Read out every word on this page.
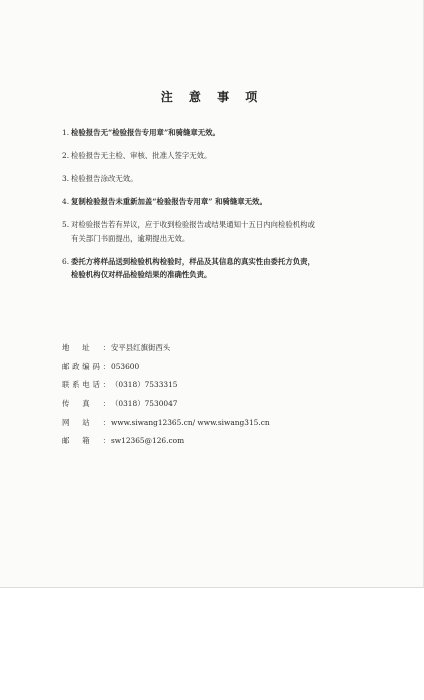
注 意 事 项
1. 检验报告无“检验报告专用章”和骑缝章无效。
2. 检验报告无主检、审核、批准人签字无效。
3. 检验报告涂改无效。
4. 复制检验报告未重新加盖“检验报告专用章” 和骑缝章无效。
5. 对检验报告若有异议，应于收到检验报告或结果通知十五日内向检验机构或
有关部门书面提出，逾期提出无效。
6. 委托方将样品送到检验机构检验时，样品及其信息的真实性由委托方负责，
检验机构仅对样品检验结果的准确性负责。
地址：安平县红旗街西头
邮政编码：053600
联系电话：（0318）7533315
传真：（0318）7530047
网站：www.siwang12365.cn/ www.siwang315.cn
邮箱：sw12365@126.com
